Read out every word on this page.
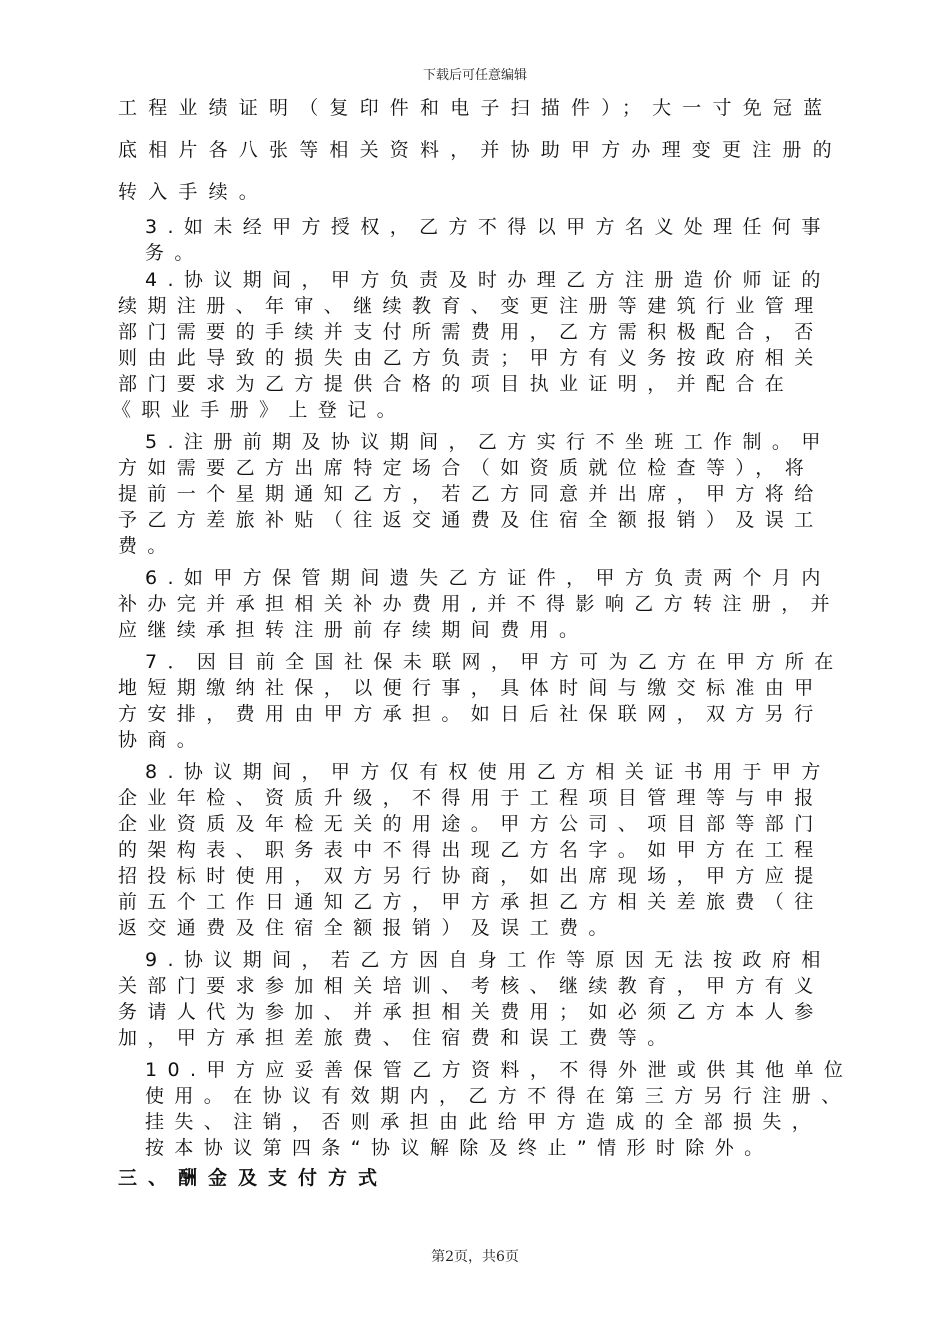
下载后可任意编辑
工程业绩证明（复印件和电子扫描件）；大一寸免冠蓝
底相片各八张等相关资料，并协助甲方办理变更注册的
转入手续。
3.如未经甲方授权，乙方不得以甲方名义处理任何事
务。
4.协议期间，甲方负责及时办理乙方注册造价师证的
续期注册、年审、继续教育、变更注册等建筑行业管理
部门需要的手续并支付所需费用，乙方需积极配合，否
则由此导致的损失由乙方负责；甲方有义务按政府相关
部门要求为乙方提供合格的项目执业证明，并配合在
《职业手册》上登记。
5.注册前期及协议期间，乙方实行不坐班工作制。甲
方如需要乙方出席特定场合（如资质就位检查等），将
提前一个星期通知乙方，若乙方同意并出席，甲方将给
予乙方差旅补贴（往返交通费及住宿全额报销）及误工
费。
6.如甲方保管期间遗失乙方证件，甲方负责两个月内
补办完并承担相关补办费用,并不得影响乙方转注册，并
应继续承担转注册前存续期间费用。
7．因目前全国社保未联网，甲方可为乙方在甲方所在
地短期缴纳社保，以便行事，具体时间与缴交标准由甲
方安排，费用由甲方承担。如日后社保联网，双方另行
协商。
8.协议期间，甲方仅有权使用乙方相关证书用于甲方
企业年检、资质升级，不得用于工程项目管理等与申报
企业资质及年检无关的用途。甲方公司、项目部等部门
的架构表、职务表中不得出现乙方名字。如甲方在工程
招投标时使用，双方另行协商，如出席现场，甲方应提
前五个工作日通知乙方，甲方承担乙方相关差旅费（往
返交通费及住宿全额报销）及误工费。
9.协议期间，若乙方因自身工作等原因无法按政府相
关部门要求参加相关培训、考核、继续教育，甲方有义
务请人代为参加、并承担相关费用；如必须乙方本人参
加，甲方承担差旅费、住宿费和误工费等。
10.甲方应妥善保管乙方资料，不得外泄或供其他单位
使用。在协议有效期内，乙方不得在第三方另行注册、
挂失、注销，否则承担由此给甲方造成的全部损失，
按本协议第四条“协议解除及终止”情形时除外。
三、酬金及支付方式
第2页，共6页
